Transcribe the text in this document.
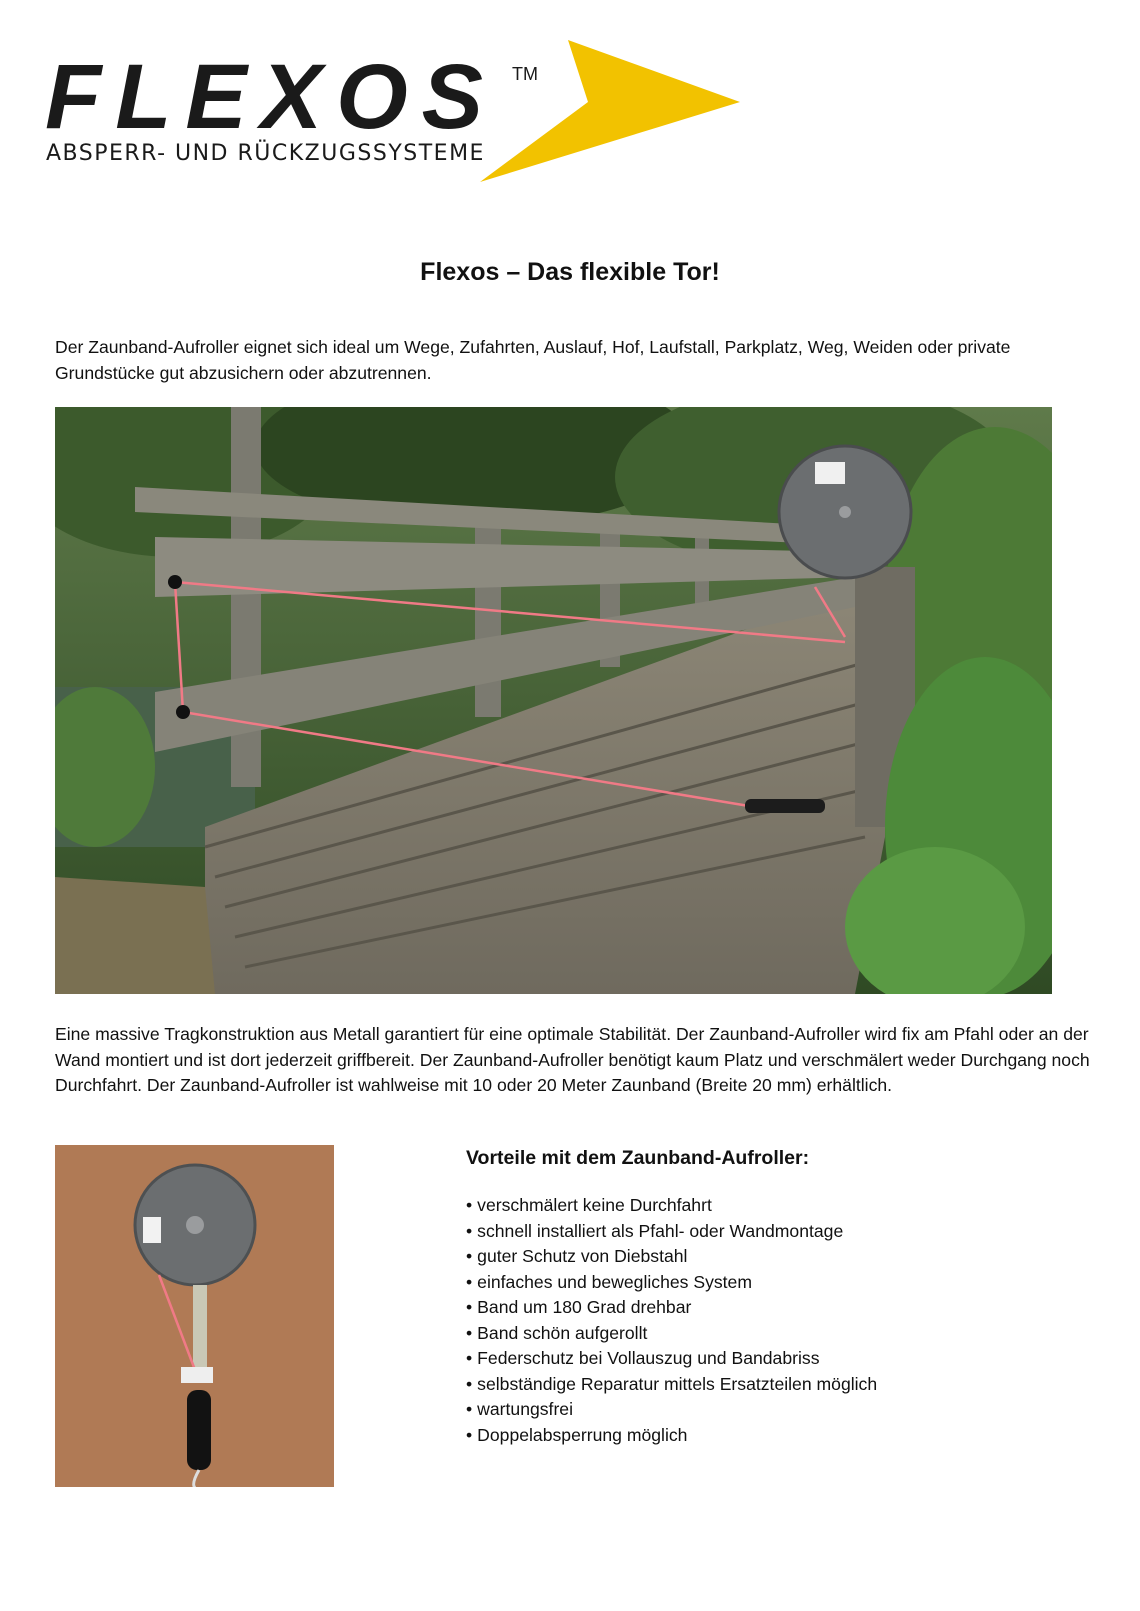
FLEXOS TM
ABSPERR- UND RÜCKZUGSSYSTEME
Flexos – Das flexible Tor!
Der Zaunband-Aufroller eignet sich ideal um Wege, Zufahrten, Auslauf, Hof, Laufstall, Parkplatz, Weg, Weiden oder private Grundstücke gut abzusichern oder abzutrennen.
Eine massive Tragkonstruktion aus Metall garantiert für eine optimale Stabilität. Der Zaunband-Aufroller wird fix am Pfahl oder an der Wand montiert und ist dort jederzeit griffbereit. Der Zaunband-Aufroller benötigt kaum Platz und verschmälert weder Durchgang noch Durchfahrt. Der Zaunband-Aufroller ist wahlweise mit 10 oder 20 Meter Zaunband (Breite 20 mm) erhältlich.
Vorteile mit dem Zaunband-Aufroller:
• verschmälert keine Durchfahrt
• schnell installiert als Pfahl- oder Wandmontage
• guter Schutz von Diebstahl
• einfaches und bewegliches System
• Band um 180 Grad drehbar
• Band schön aufgerollt
• Federschutz bei Vollauszug und Bandabriss
• selbständige Reparatur mittels Ersatzteilen möglich
• wartungsfrei
• Doppelabsperrung möglich
